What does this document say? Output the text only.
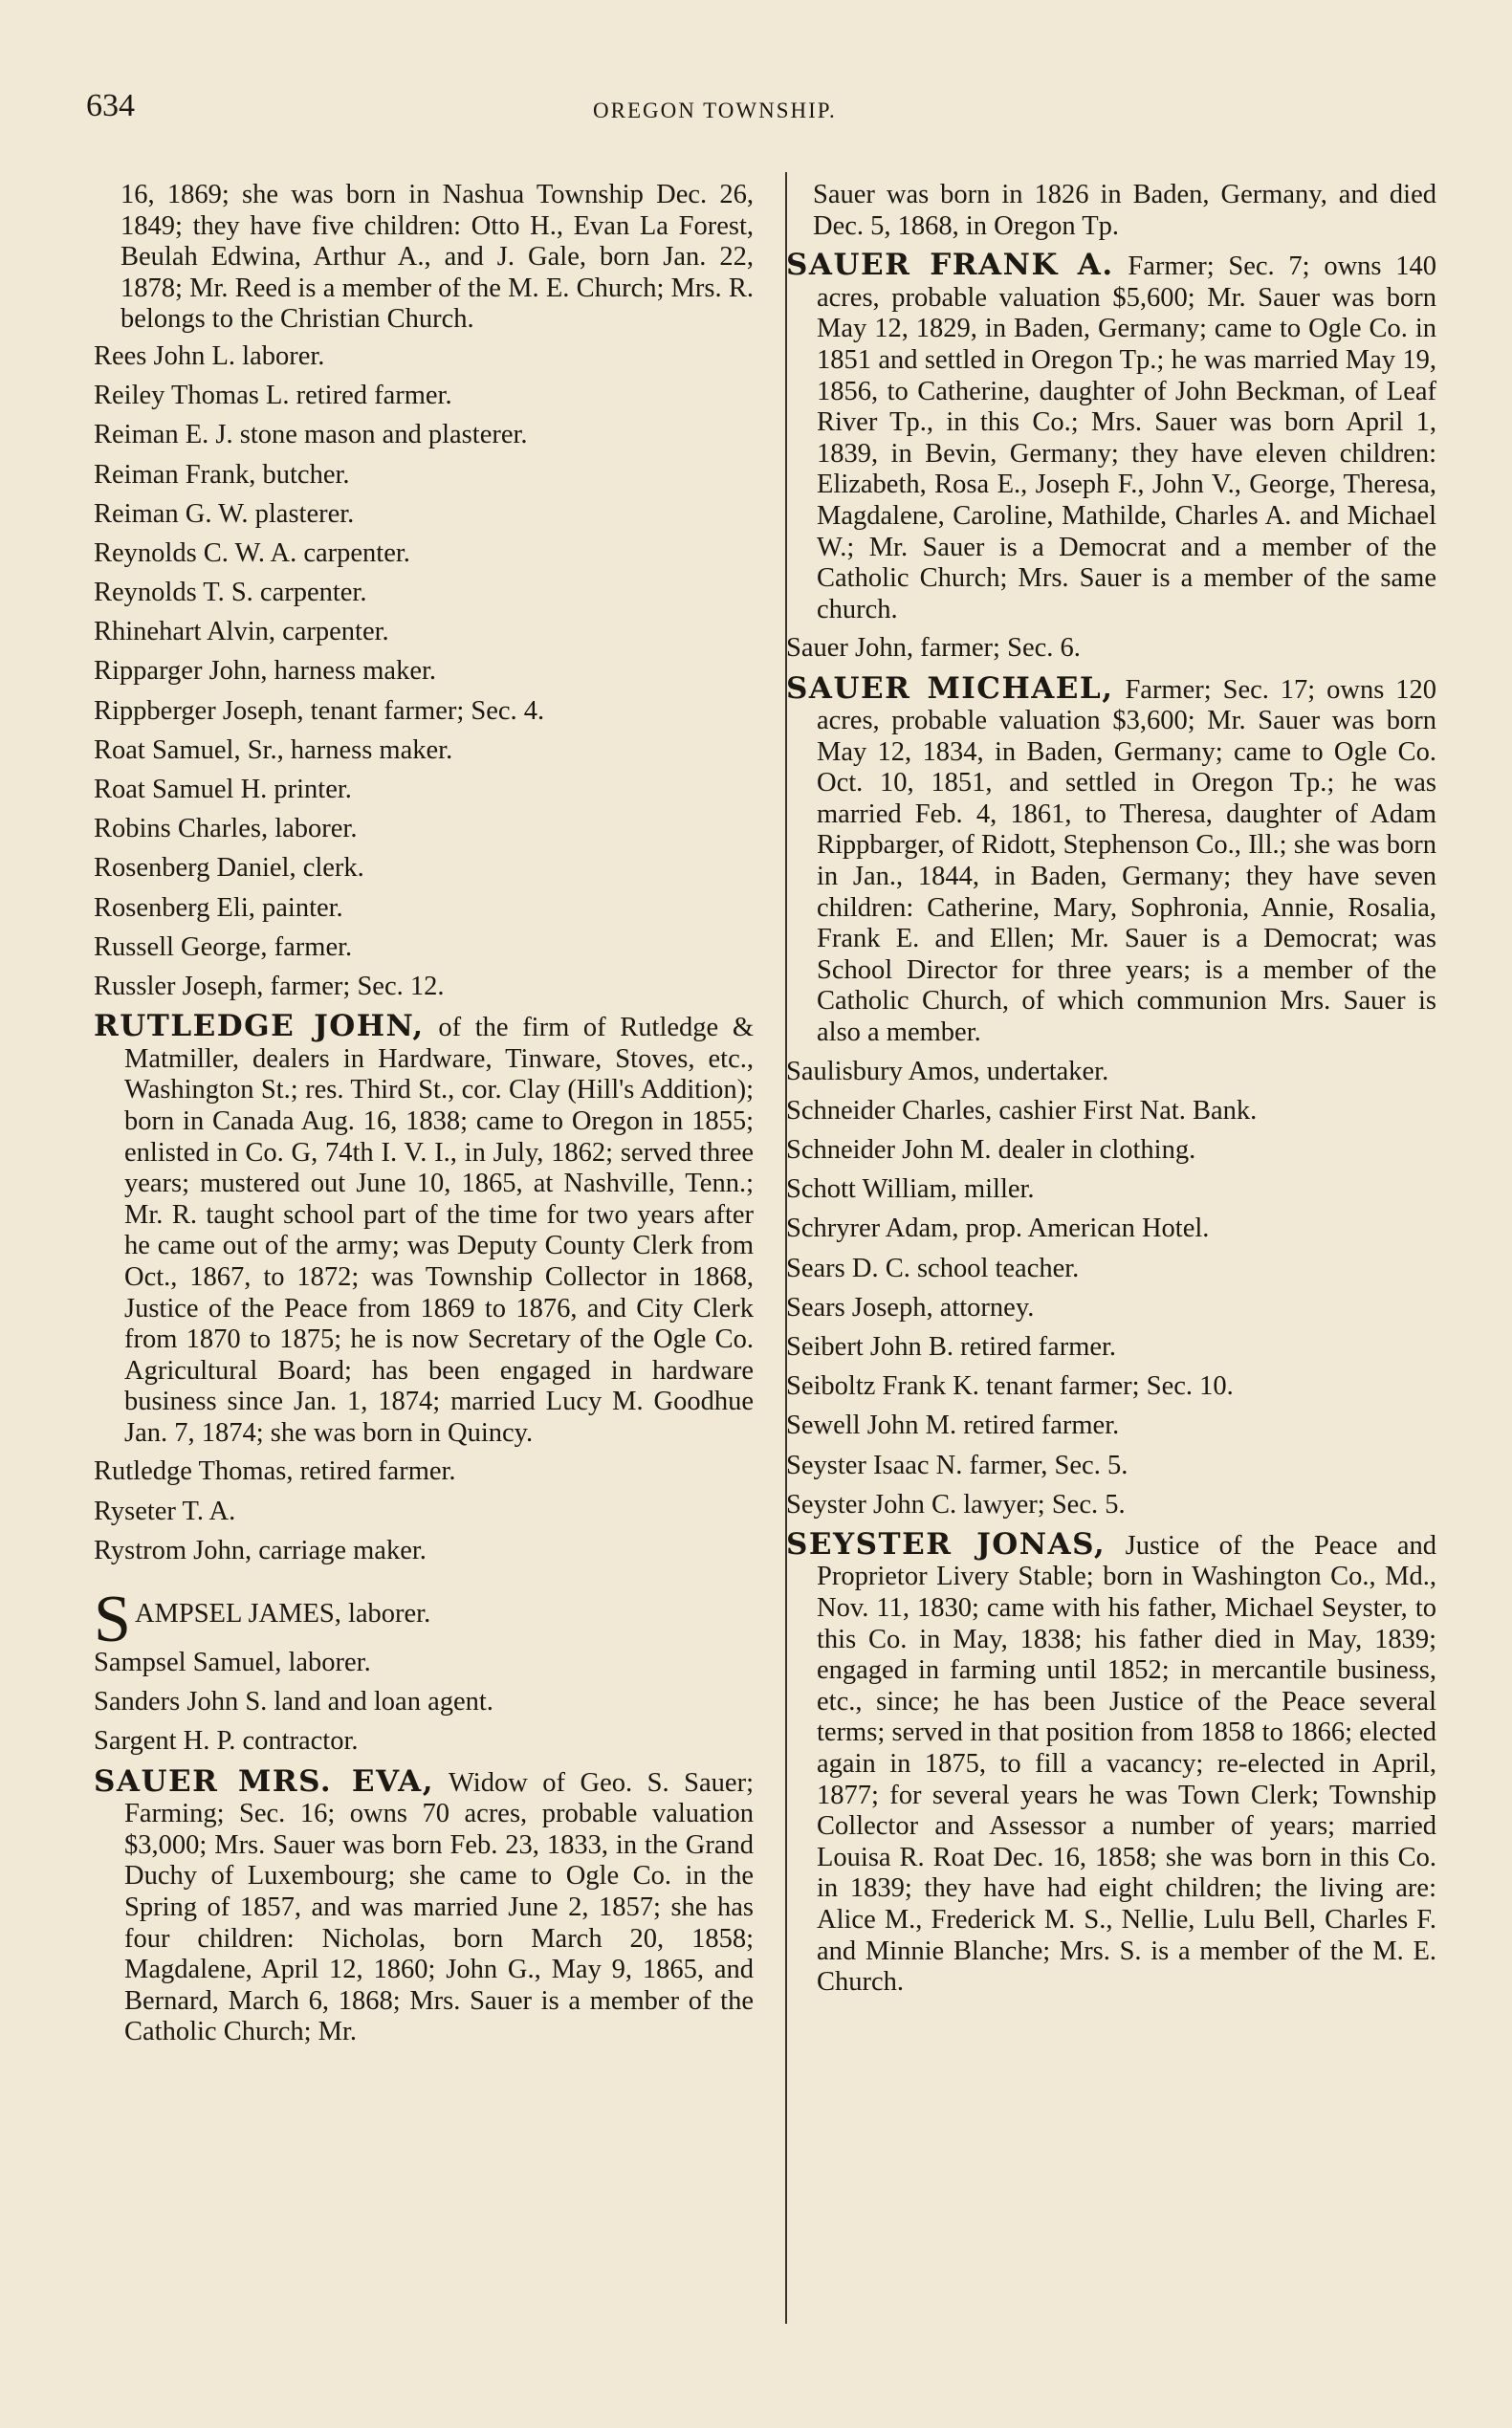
634	OREGON TOWNSHIP.
16, 1869; she was born in Nashua Township Dec. 26, 1849; they have five children: Otto H., Evan La Forest, Beulah Edwina, Arthur A., and J. Gale, born Jan. 22, 1878; Mr. Reed is a member of the M. E. Church; Mrs. R. belongs to the Christian Church.
Rees John L. laborer.
Reiley Thomas L. retired farmer.
Reiman E. J. stone mason and plasterer.
Reiman Frank, butcher.
Reiman G. W. plasterer.
Reynolds C. W. A. carpenter.
Reynolds T. S. carpenter.
Rhinehart Alvin, carpenter.
Ripparger John, harness maker.
Rippberger Joseph, tenant farmer; Sec. 4.
Roat Samuel, Sr., harness maker.
Roat Samuel H. printer.
Robins Charles, laborer.
Rosenberg Daniel, clerk.
Rosenberg Eli, painter.
Russell George, farmer.
Russler Joseph, farmer; Sec. 12.
RUTLEDGE JOHN, of the firm of Rutledge & Matmiller, dealers in Hardware, Tinware, Stoves, etc., Washington St.; res. Third St., cor. Clay (Hill's Addition); born in Canada Aug. 16, 1838; came to Oregon in 1855; enlisted in Co. G, 74th I. V. I., in July, 1862; served three years; mustered out June 10, 1865, at Nashville, Tenn.; Mr. R. taught school part of the time for two years after he came out of the army; was Deputy County Clerk from Oct., 1867, to 1872; was Township Collector in 1868, Justice of the Peace from 1869 to 1876, and City Clerk from 1870 to 1875; he is now Secretary of the Ogle Co. Agricultural Board; has been engaged in hardware business since Jan. 1, 1874; married Lucy M. Goodhue Jan. 7, 1874; she was born in Quincy.
Rutledge Thomas, retired farmer.
Ryseter T. A.
Rystrom John, carriage maker.
S AMPSEL JAMES, laborer.
Sampsel Samuel, laborer.
Sanders John S. land and loan agent.
Sargent H. P. contractor.
SAUER MRS. EVA, Widow of Geo. S. Sauer; Farming; Sec. 16; owns 70 acres, probable valuation $3,000; Mrs. Sauer was born Feb. 23, 1833, in the Grand Duchy of Luxembourg; she came to Ogle Co. in the Spring of 1857, and was married June 2, 1857; she has four children: Nicholas, born March 20, 1858; Magdalene, April 12, 1860; John G., May 9, 1865, and Bernard, March 6, 1868; Mrs. Sauer is a member of the Catholic Church; Mr.
Sauer was born in 1826 in Baden, Germany, and died Dec. 5, 1868, in Oregon Tp.
SAUER FRANK A. Farmer; Sec. 7; owns 140 acres, probable valuation $5,600; Mr. Sauer was born May 12, 1829, in Baden, Germany; came to Ogle Co. in 1851 and settled in Oregon Tp.; he was married May 19, 1856, to Catherine, daughter of John Beckman, of Leaf River Tp., in this Co.; Mrs. Sauer was born April 1, 1839, in Bevin, Germany; they have eleven children: Elizabeth, Rosa E., Joseph F., John V., George, Theresa, Magdalene, Caroline, Mathilde, Charles A. and Michael W.; Mr. Sauer is a Democrat and a member of the Catholic Church; Mrs. Sauer is a member of the same church.
Sauer John, farmer; Sec. 6.
SAUER MICHAEL, Farmer; Sec. 17; owns 120 acres, probable valuation $3,600; Mr. Sauer was born May 12, 1834, in Baden, Germany; came to Ogle Co. Oct. 10, 1851, and settled in Oregon Tp.; he was married Feb. 4, 1861, to Theresa, daughter of Adam Rippbarger, of Ridott, Stephenson Co., Ill.; she was born in Jan., 1844, in Baden, Germany; they have seven children: Catherine, Mary, Sophronia, Annie, Rosalia, Frank E. and Ellen; Mr. Sauer is a Democrat; was School Director for three years; is a member of the Catholic Church, of which communion Mrs. Sauer is also a member.
Saulisbury Amos, undertaker.
Schneider Charles, cashier First Nat. Bank.
Schneider John M. dealer in clothing.
Schott William, miller.
Schryrer Adam, prop. American Hotel.
Sears D. C. school teacher.
Sears Joseph, attorney.
Seibert John B. retired farmer.
Seiboltz Frank K. tenant farmer; Sec. 10.
Sewell John M. retired farmer.
Seyster Isaac N. farmer, Sec. 5.
Seyster John C. lawyer; Sec. 5.
SEYSTER JONAS, Justice of the Peace and Proprietor Livery Stable; born in Washington Co., Md., Nov. 11, 1830; came with his father, Michael Seyster, to this Co. in May, 1838; his father died in May, 1839; engaged in farming until 1852; in mercantile business, etc., since; he has been Justice of the Peace several terms; served in that position from 1858 to 1866; elected again in 1875, to fill a vacancy; re-elected in April, 1877; for several years he was Town Clerk; Township Collector and Assessor a number of years; married Louisa R. Roat Dec. 16, 1858; she was born in this Co. in 1839; they have had eight children; the living are: Alice M., Frederick M. S., Nellie, Lulu Bell, Charles F. and Minnie Blanche; Mrs. S. is a member of the M. E. Church.
